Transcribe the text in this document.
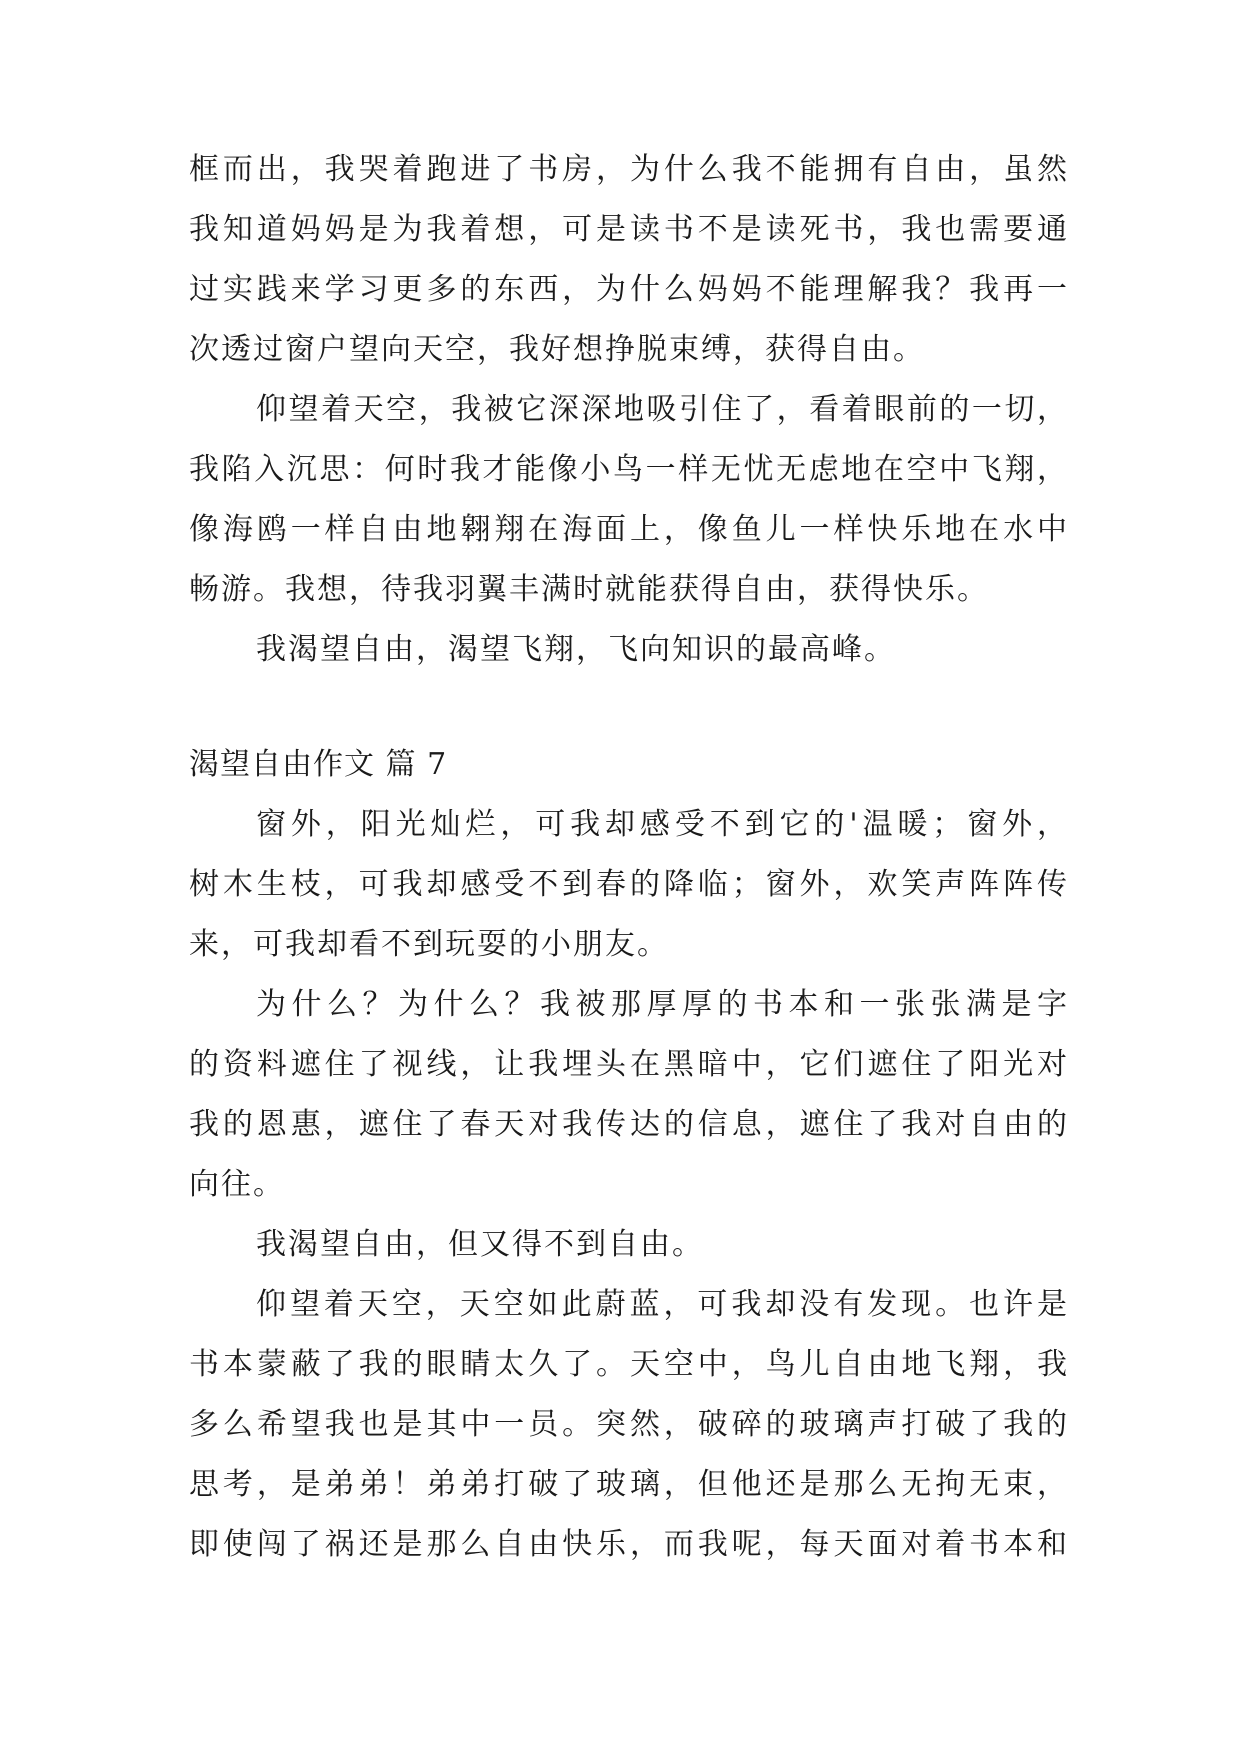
框而出，我哭着跑进了书房，为什么我不能拥有自由，虽然
我知道妈妈是为我着想，可是读书不是读死书，我也需要通
过实践来学习更多的东西，为什么妈妈不能理解我？我再一
次透过窗户望向天空，我好想挣脱束缚，获得自由。
仰望着天空，我被它深深地吸引住了，看着眼前的一切，
我陷入沉思：何时我才能像小鸟一样无忧无虑地在空中飞翔，
像海鸥一样自由地翱翔在海面上，像鱼儿一样快乐地在水中
畅游。我想，待我羽翼丰满时就能获得自由，获得快乐。
我渴望自由，渴望飞翔，飞向知识的最高峰。
渴望自由作文 篇 7
窗外，阳光灿烂，可我却感受不到它的'温暖；窗外，
树木生枝，可我却感受不到春的降临；窗外，欢笑声阵阵传
来，可我却看不到玩耍的小朋友。
为什么？为什么？我被那厚厚的书本和一张张满是字
的资料遮住了视线，让我埋头在黑暗中，它们遮住了阳光对
我的恩惠，遮住了春天对我传达的信息，遮住了我对自由的
向往。
我渴望自由，但又得不到自由。
仰望着天空，天空如此蔚蓝，可我却没有发现。也许是
书本蒙蔽了我的眼睛太久了。天空中，鸟儿自由地飞翔，我
多么希望我也是其中一员。突然，破碎的玻璃声打破了我的
思考，是弟弟！弟弟打破了玻璃，但他还是那么无拘无束，
即使闯了祸还是那么自由快乐，而我呢，每天面对着书本和
